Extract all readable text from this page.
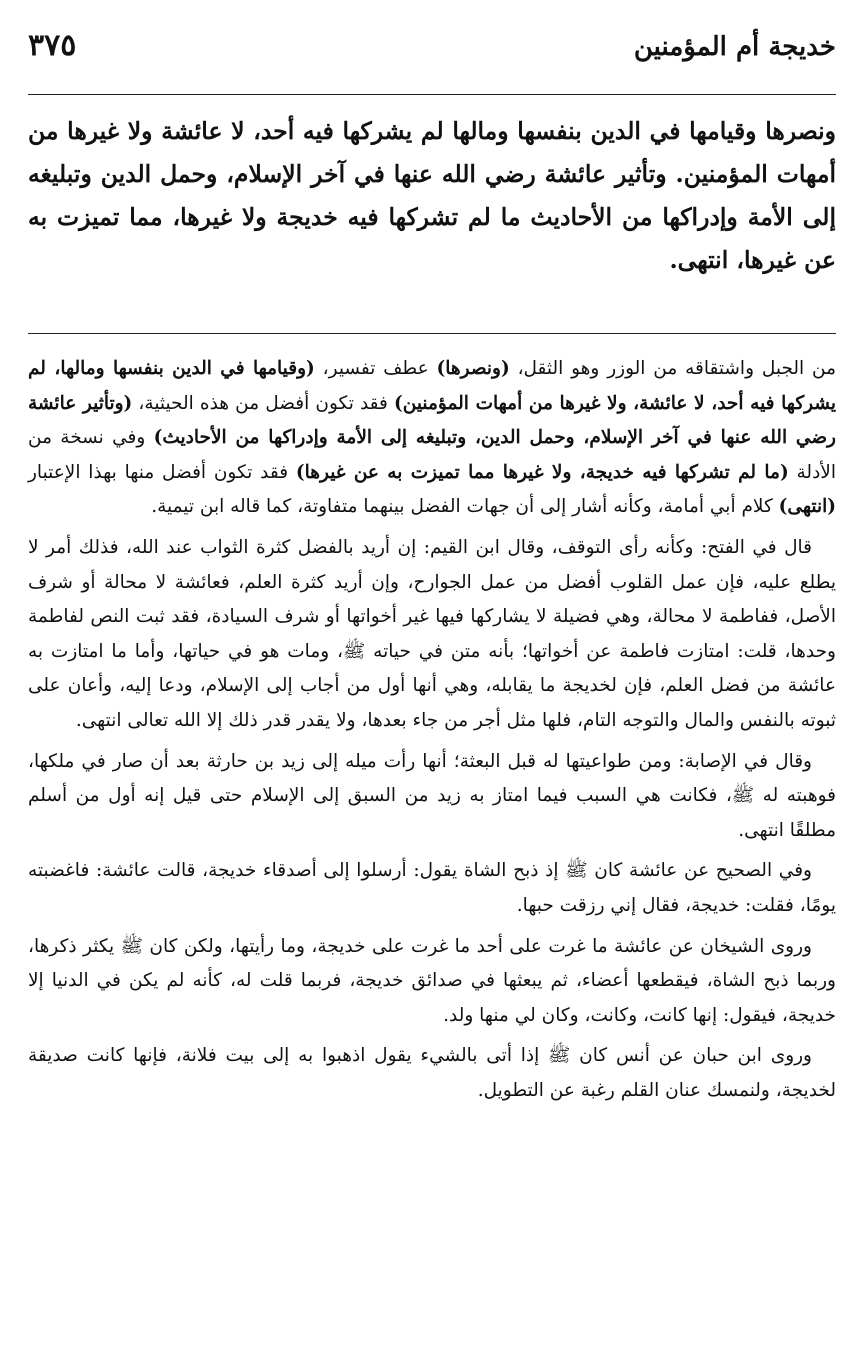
خديجة أم المؤمنين
٣٧٥

ونصرها وقيامها في الدين بنفسها ومالها لم يشركها فيه أحد، لا عائشة ولا غيرها من أمهات المؤمنين. وتأثير عائشة رضي الله عنها في آخر الإسلام، وحمل الدين وتبليغه إلى الأمة وإدراكها من الأحاديث ما لم تشركها فيه خديجة ولا غيرها، مما تميزت به عن غيرها، انتهى.

من الجبل واشتقاقه من الوزر وهو الثقل، (ونصرها) عطف تفسير، (وقيامها في الدين بنفسها ومالها، لم يشركها فيه أحد، لا عائشة، ولا غيرها من أمهات المؤمنين) فقد تكون أفضل من هذه الحيثية، (وتأثير عائشة رضي الله عنها في آخر الإسلام، وحمل الدين، وتبليغه إلى الأمة وإدراكها من الأحاديث) وفي نسخة من الأدلة (ما لم تشركها فيه خديجة، ولا غيرها مما تميزت به عن غيرها) فقد تكون أفضل منها بهذا الإعتبار (انتهى) كلام أبي أمامة، وكأنه أشار إلى أن جهات الفضل بينهما متفاوتة، كما قاله ابن تيمية.

قال في الفتح: وكأنه رأى التوقف، وقال ابن القيم: إن أريد بالفضل كثرة الثواب عند الله، فذلك أمر لا يطلع عليه، فإن عمل القلوب أفضل من عمل الجوارح، وإن أريد كثرة العلم، فعائشة لا محالة أو شرف الأصل، ففاطمة لا محالة، وهي فضيلة لا يشاركها فيها غير أخواتها أو شرف السيادة، فقد ثبت النص لفاطمة وحدها، قلت: امتازت فاطمة عن أخواتها؛ بأنه متن في حياته ﷺ، ومات هو في حياتها، وأما ما امتازت به عائشة من فضل العلم، فإن لخديجة ما يقابله، وهي أنها أول من أجاب إلى الإسلام، ودعا إليه، وأعان على ثبوته بالنفس والمال والتوجه التام، فلها مثل أجر من جاء بعدها، ولا يقدر قدر ذلك إلا الله تعالى انتهى.

وقال في الإصابة: ومن طواعيتها له قبل البعثة؛ أنها رأت ميله إلى زيد بن حارثة بعد أن صار في ملكها، فوهبته له ﷺ، فكانت هي السبب فيما امتاز به زيد من السبق إلى الإسلام حتى قيل إنه أول من أسلم مطلقًا انتهى.

وفي الصحيح عن عائشة كان ﷺ إذ ذبح الشاة يقول: أرسلوا إلى أصدقاء خديجة، قالت عائشة: فاغضبته يومًا، فقلت: خديجة، فقال إني رزقت حبها.

وروى الشيخان عن عائشة ما غرت على أحد ما غرت على خديجة، وما رأيتها، ولكن كان ﷺ يكثر ذكرها، وربما ذبح الشاة، فيقطعها أعضاء، ثم يبعثها في صدائق خديجة، فربما قلت له، كأنه لم يكن في الدنيا إلا خديجة، فيقول: إنها كانت، وكانت، وكان لي منها ولد.

وروى ابن حبان عن أنس كان ﷺ إذا أتى بالشيء يقول اذهبوا به إلى بيت فلانة، فإنها كانت صديقة لخديجة، ولنمسك عنان القلم رغبة عن التطويل.
